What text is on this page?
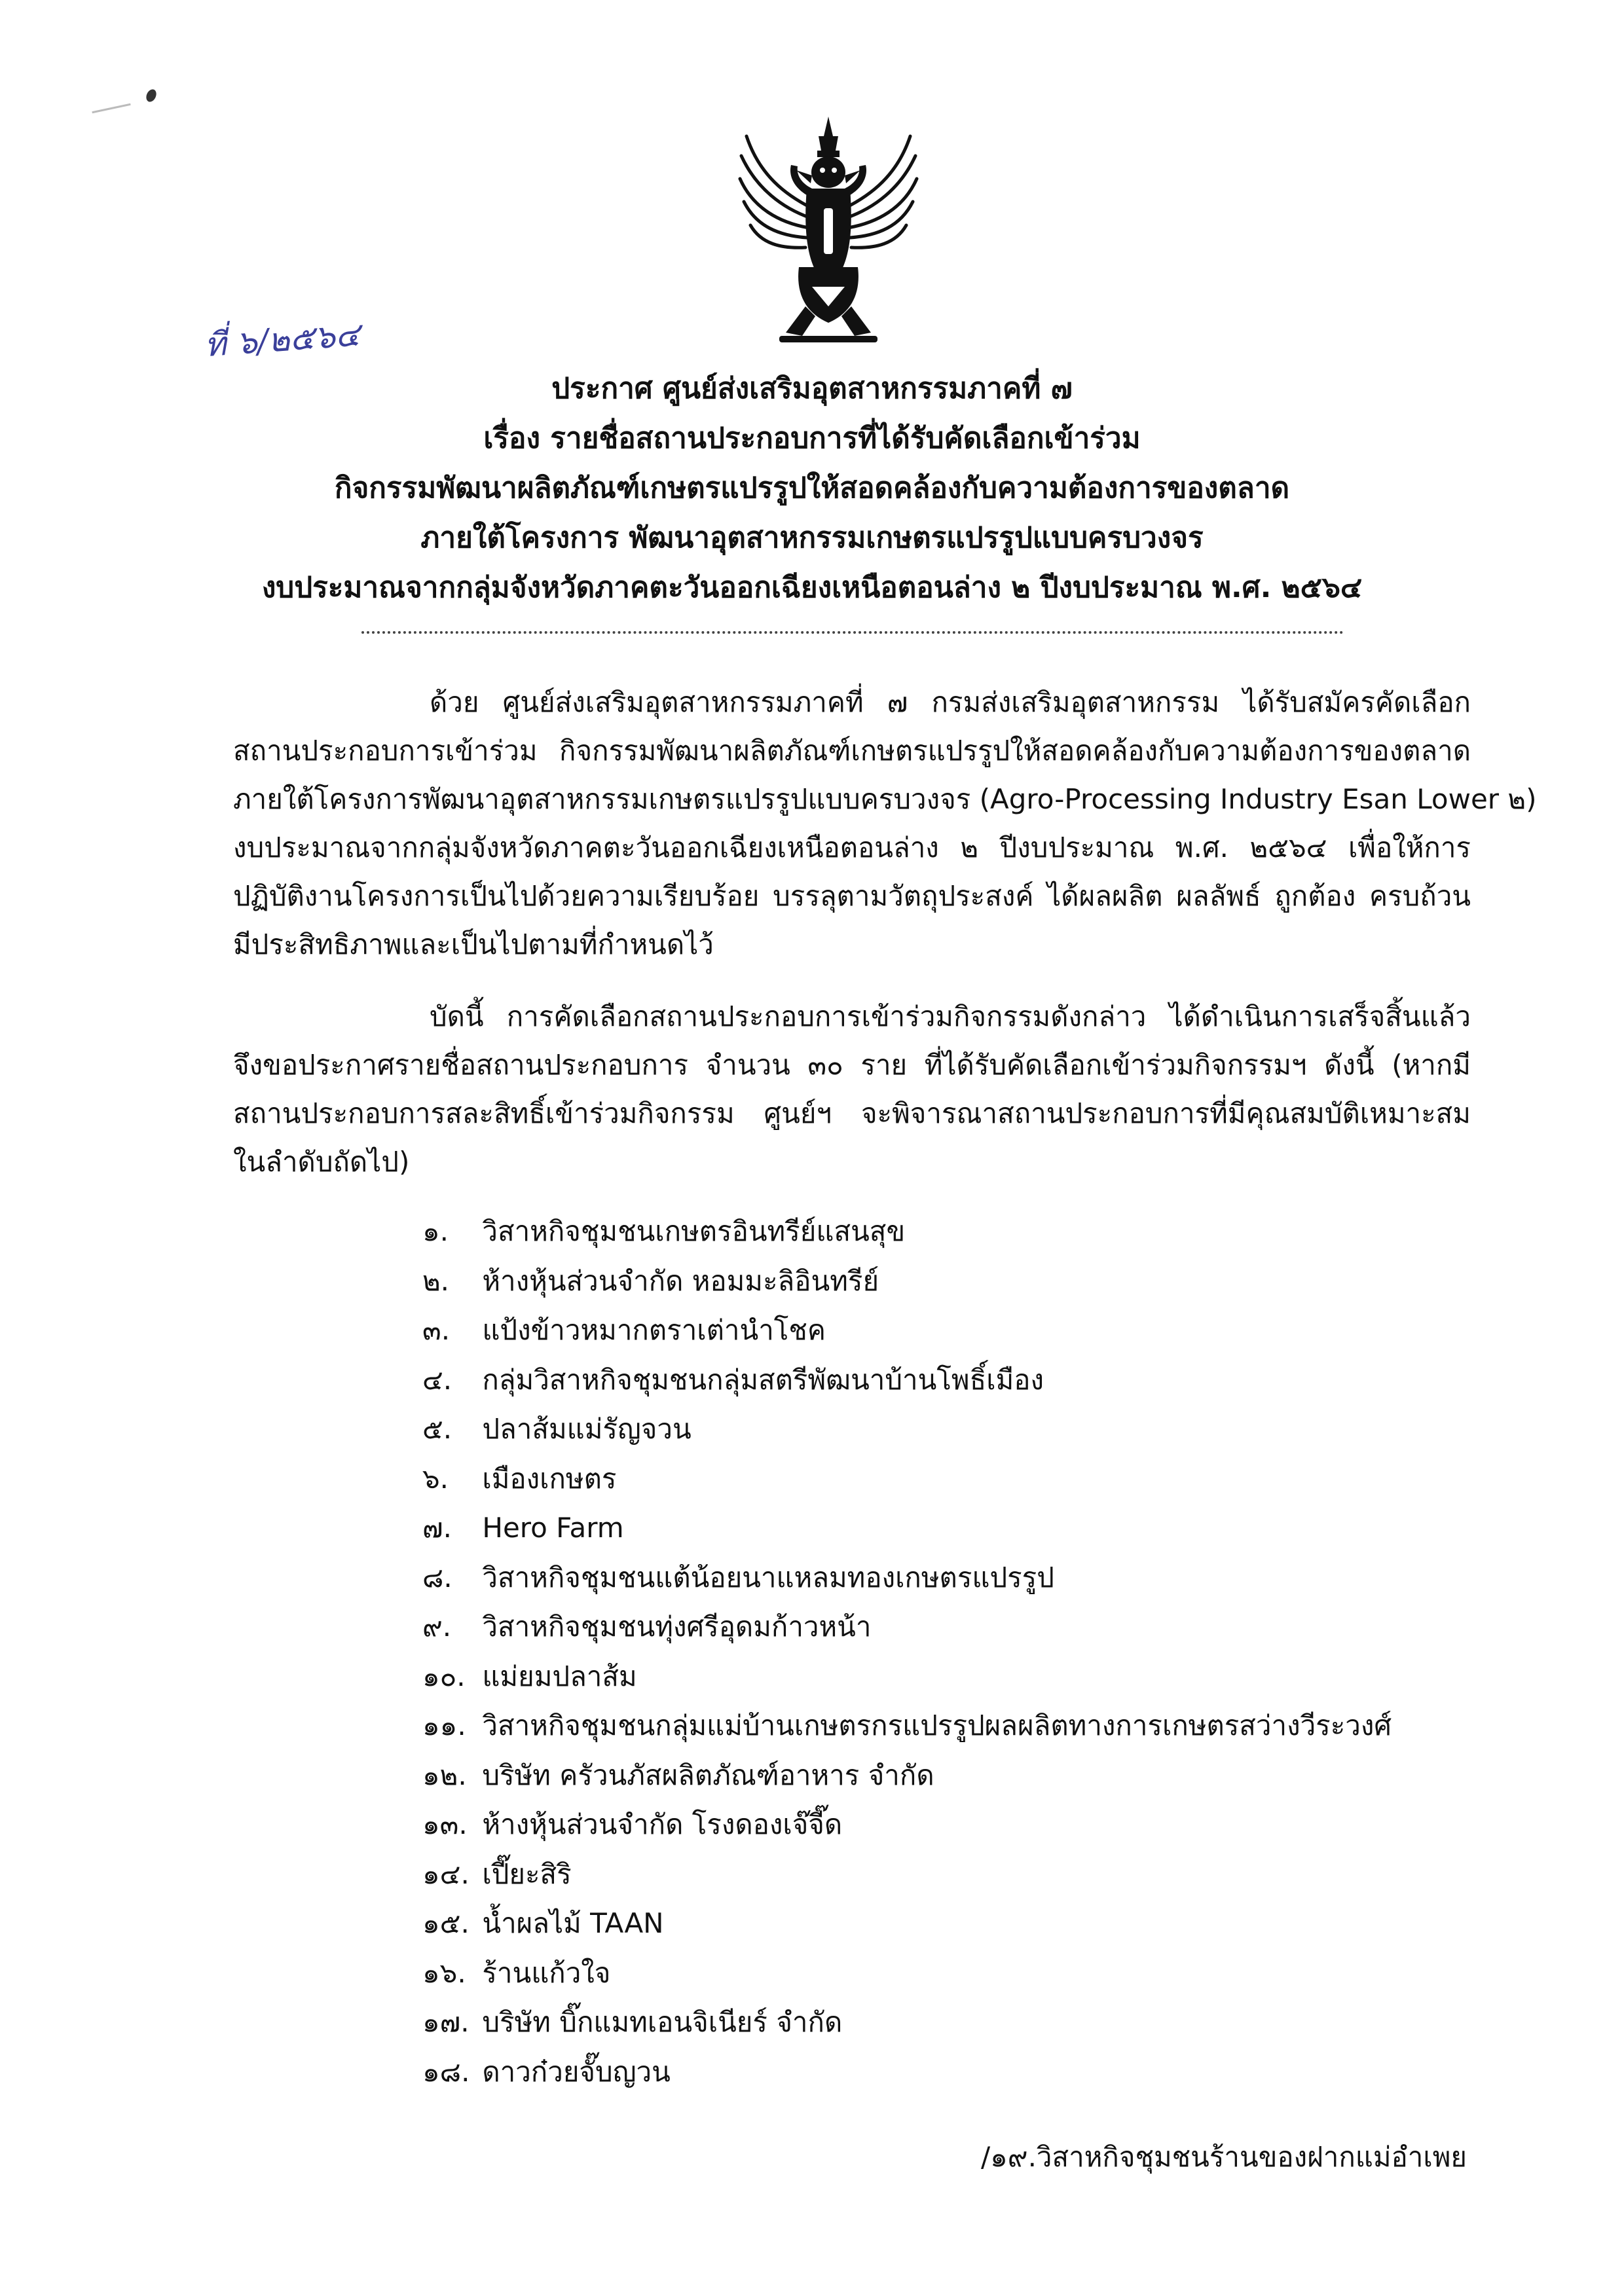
ที่ ๖/๒๕๖๔
ประกาศ ศูนย์ส่งเสริมอุตสาหกรรมภาคที่ ๗
เรื่อง รายชื่อสถานประกอบการที่ได้รับคัดเลือกเข้าร่วม
กิจกรรมพัฒนาผลิตภัณฑ์เกษตรแปรรูปให้สอดคล้องกับความต้องการของตลาด
ภายใต้โครงการ พัฒนาอุตสาหกรรมเกษตรแปรรูปแบบครบวงจร
งบประมาณจากกลุ่มจังหวัดภาคตะวันออกเฉียงเหนือตอนล่าง ๒ ปีงบประมาณ พ.ศ. ๒๕๖๔
ด้วย ศูนย์ส่งเสริมอุตสาหกรรมภาคที่ ๗ กรมส่งเสริมอุตสาหกรรม ได้รับสมัครคัดเลือก
สถานประกอบการเข้าร่วม กิจกรรมพัฒนาผลิตภัณฑ์เกษตรแปรรูปให้สอดคล้องกับความต้องการของตลาด
ภายใต้โครงการพัฒนาอุตสาหกรรมเกษตรแปรรูปแบบครบวงจร (Agro-Processing Industry Esan Lower ๒)
งบประมาณจากกลุ่มจังหวัดภาคตะวันออกเฉียงเหนือตอนล่าง ๒ ปีงบประมาณ พ.ศ. ๒๕๖๔ เพื่อให้การ
ปฏิบัติงานโครงการเป็นไปด้วยความเรียบร้อย บรรลุตามวัตถุประสงค์ ได้ผลผลิต ผลลัพธ์ ถูกต้อง ครบถ้วน
มีประสิทธิภาพและเป็นไปตามที่กำหนดไว้
บัดนี้ การคัดเลือกสถานประกอบการเข้าร่วมกิจกรรมดังกล่าว ได้ดำเนินการเสร็จสิ้นแล้ว
จึงขอประกาศรายชื่อสถานประกอบการ จำนวน ๓๐ ราย ที่ได้รับคัดเลือกเข้าร่วมกิจกรรมฯ ดังนี้ (หากมี
สถานประกอบการสละสิทธิ์เข้าร่วมกิจกรรม ศูนย์ฯ จะพิจารณาสถานประกอบการที่มีคุณสมบัติเหมาะสม
ในลำดับถัดไป)
๑. วิสาหกิจชุมชนเกษตรอินทรีย์แสนสุข
๒. ห้างหุ้นส่วนจำกัด หอมมะลิอินทรีย์
๓. แป้งข้าวหมากตราเต่านำโชค
๔. กลุ่มวิสาหกิจชุมชนกลุ่มสตรีพัฒนาบ้านโพธิ์เมือง
๕. ปลาส้มแม่รัญจวน
๖. เมืองเกษตร
๗. Hero Farm
๘. วิสาหกิจชุมชนแต้น้อยนาแหลมทองเกษตรแปรรูป
๙. วิสาหกิจชุมชนทุ่งศรีอุดมก้าวหน้า
๑๐. แม่ยมปลาส้ม
๑๑. วิสาหกิจชุมชนกลุ่มแม่บ้านเกษตรกรแปรรูปผลผลิตทางการเกษตรสว่างวีระวงศ์
๑๒. บริษัท ครัวนภัสผลิตภัณฑ์อาหาร จำกัด
๑๓. ห้างหุ้นส่วนจำกัด โรงดองเจ๊จี๊ด
๑๔. เปี๊ยะสิริ
๑๕. น้ำผลไม้ TAAN
๑๖. ร้านแก้วใจ
๑๗. บริษัท บิ๊กแมทเอนจิเนียร์ จำกัด
๑๘. ดาวก๋วยจั๊บญวน
/๑๙.วิสาหกิจชุมชนร้านของฝากแม่อำเพย
